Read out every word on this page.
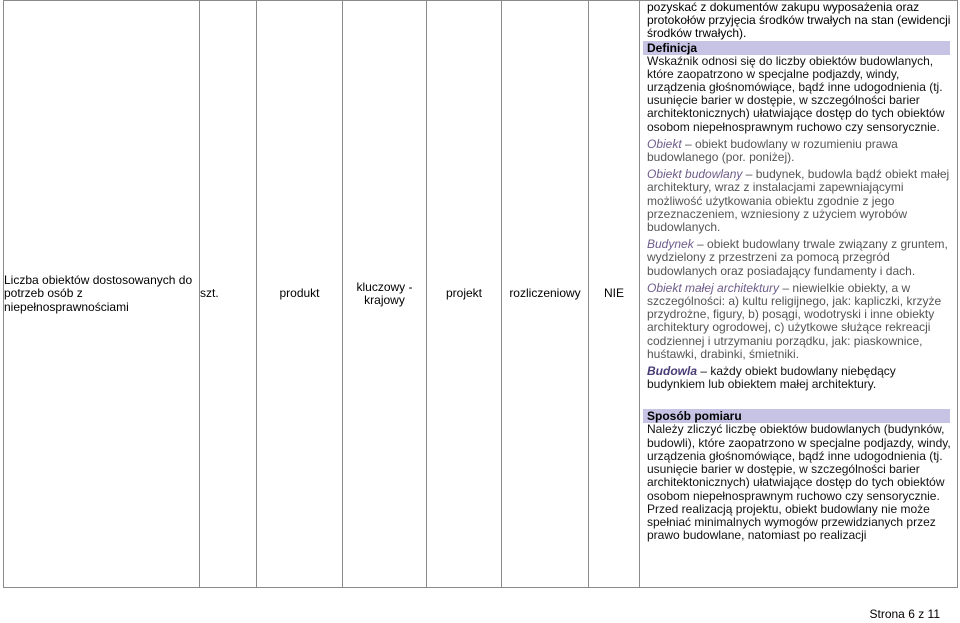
Liczba obiektów dostosowanych do potrzeb osób z niepełnosprawnościami	szt.	produkt	kluczowy - krajowy	projekt	rozliczeniowy	NIE	

pozyskać z dokumentów zakupu wyposażenia oraz protokołów przyjęcia środków trwałych na stan (ewidencji środków trwałych).

Definicja

Wskaźnik odnosi się do liczby obiektów budowlanych, które zaopatrzono w specjalne podjazdy, windy, urządzenia głośnomówiące, bądź inne udogodnienia (tj. usunięcie barier w dostępie, w szczególności barier architektonicznych) ułatwiające dostęp do tych obiektów osobom niepełnosprawnym ruchowo czy sensorycznie.

Obiekt – obiekt budowlany w rozumieniu prawa budowlanego (por. poniżej).

Obiekt budowlany – budynek, budowla bądź obiekt małej architektury, wraz z instalacjami zapewniającymi możliwość użytkowania obiektu zgodnie z jego przeznaczeniem, wzniesiony z użyciem wyrobów budowlanych.

Budynek – obiekt budowlany trwale związany z gruntem, wydzielony z przestrzeni za pomocą przegród budowlanych oraz posiadający fundamenty i dach.

Obiekt małej architektury – niewielkie obiekty, a w szczególności: a) kultu religijnego, jak: kapliczki, krzyże przydrożne, figury, b) posągi, wodotryski i inne obiekty architektury ogrodowej, c) użytkowe służące rekreacji codziennej i utrzymaniu porządku, jak: piaskownice, huśtawki, drabinki, śmietniki.

Budowla – każdy obiekt budowlany niebędący budynkiem lub obiektem małej architektury.

Sposób pomiaru

Należy zliczyć liczbę obiektów budowlanych (budynków, budowli), które zaopatrzono w specjalne podjazdy, windy, urządzenia głośnomówiące, bądź inne udogodnienia (tj. usunięcie barier w dostępie, w szczególności barier architektonicznych) ułatwiające dostęp do tych obiektów osobom niepełnosprawnym ruchowo czy sensorycznie.

Przed realizacją projektu, obiekt budowlany nie może spełniać minimalnych wymogów przewidzianych przez prawo budowlane, natomiast po realizacji

Strona 6 z 11
